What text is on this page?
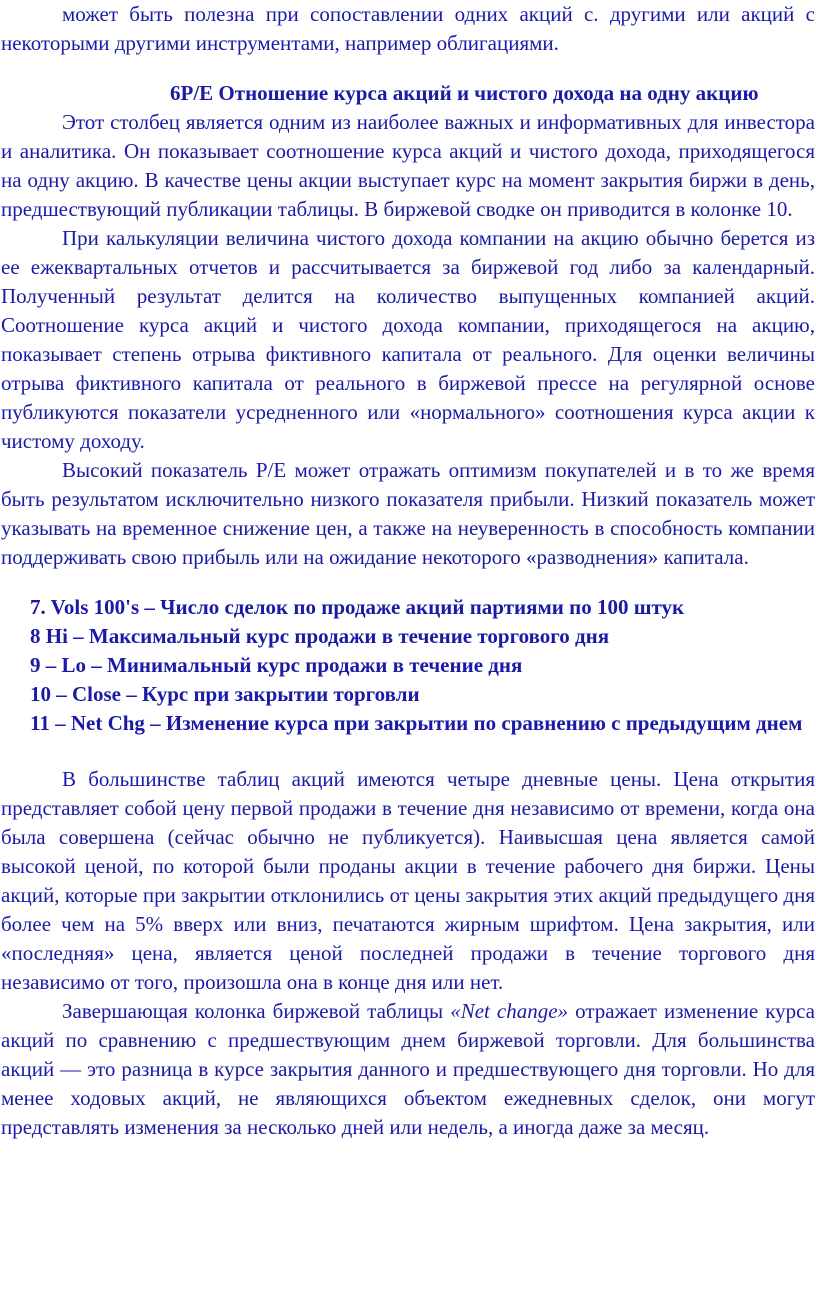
может быть полезна при сопоставлении одних акций с. другими или акций с некоторыми другими инструментами, например облигациями.

6P/E Отношение курса акций и чистого дохода на одну акцию

Этот столбец является одним из наиболее важных и информативных для инвестора и аналитика. Он показывает соотношение курса акций и чистого дохода, приходящегося на одну акцию. В качестве цены акции выступает курс на момент закрытия биржи в день, предшествующий публикации таблицы. В биржевой сводке он приводится в колонке 10.

При калькуляции величина чистого дохода компании на акцию обычно берется из ее ежеквартальных отчетов и рассчитывается за биржевой год либо за календарный. Полученный результат делится на количество выпущенных компанией акций. Соотношение курса акций и чистого дохода компании, приходящегося на акцию, показывает степень отрыва фиктивного капитала от реального. Для оценки величины отрыва фиктивного капитала от реального в биржевой прессе на регулярной основе публикуются показатели усредненного или «нормального» соотношения курса акции к чистому доходу.

Высокий показатель P/E может отражать оптимизм покупателей и в то же время быть результатом исключительно низкого показателя прибыли. Низкий показатель может указывать на временное снижение цен, а также на неуверенность в способность компании поддерживать свою прибыль или на ожидание некоторого «разводнения» капитала.

7. Vols 100's – Число сделок по продаже акций партиями по 100 штук
8 Hi – Максимальный курс продажи в течение торгового дня
9 – Lo – Минимальный курс продажи в течение дня
10 – Close – Курс при закрытии торговли
11 – Net Chg – Изменение курса при закрытии по сравнению с предыдущим днем

В большинстве таблиц акций имеются четыре дневные цены. Цена открытия представляет собой цену первой продажи в течение дня независимо от времени, когда она была совершена (сейчас обычно не публикуется). Наивысшая цена является самой высокой ценой, по которой были проданы акции в течение рабочего дня биржи. Цены акций, которые при закрытии отклонились от цены закрытия этих акций предыдущего дня более чем на 5% вверх или вниз, печатаются жирным шрифтом. Цена закрытия, или «последняя» цена, является ценой последней продажи в течение торгового дня независимо от того, произошла она в конце дня или нет.

Завершающая колонка биржевой таблицы «Net change» отражает изменение курса акций по сравнению с предшествующим днем биржевой торговли. Для большинства акций — это разница в курсе закрытия данного и предшествующего дня торговли. Но для менее ходовых акций, не являющихся объектом ежедневных сделок, они могут представлять изменения за несколько дней или недель, а иногда даже за месяц.
